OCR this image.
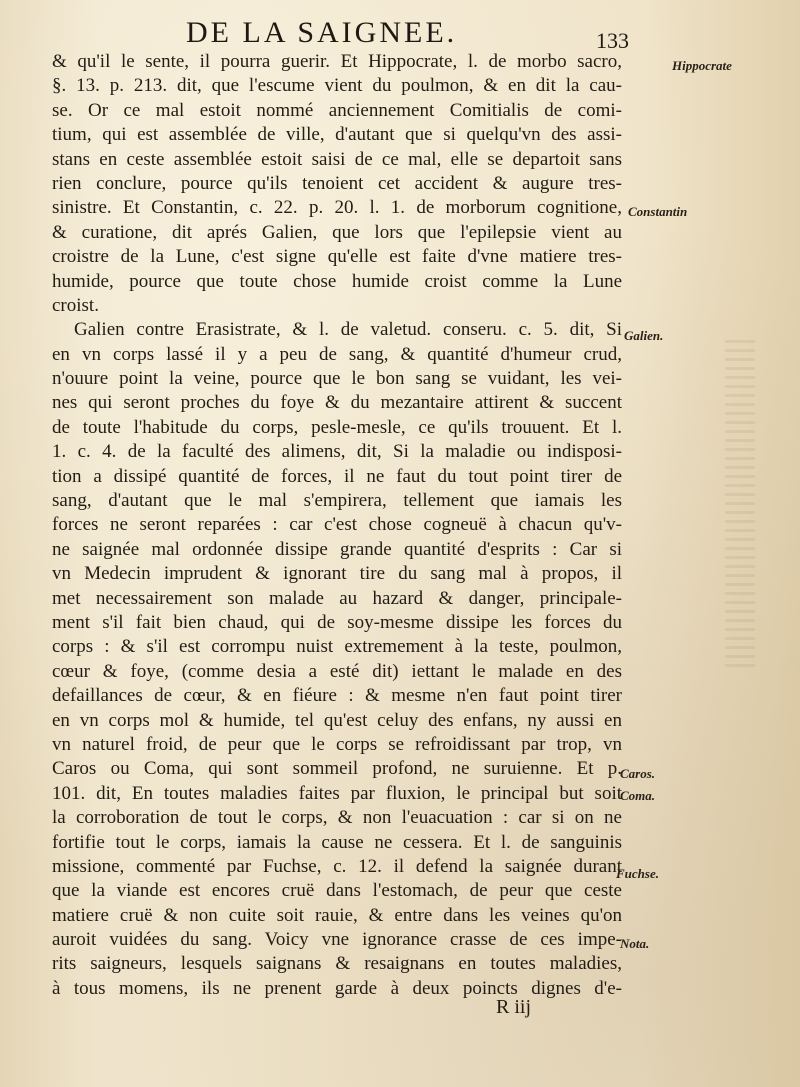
DE LA SAIGNEE.	133
& qu'il le sente, il pourra guerir. Et Hippocrate, l. de morbo sacro,
§. 13. p. 213. dit, que l'escume vient du poulmon, & en dit la cau-
se. Or ce mal estoit nommé anciennement Comitialis de comi-
tium, qui est assemblée de ville, d'autant que si quelqu'vn des assi-
stans en ceste assemblée estoit saisi de ce mal, elle se departoit sans
rien conclure, pource qu'ils tenoient cet accident & augure tres-
sinistre. Et Constantin, c. 22. p. 20. l. 1. de morborum cognitione,
& curatione, dit aprés Galien, que lors que l'epilepsie vient au
croistre de la Lune, c'est signe qu'elle est faite d'vne matiere tres-
humide, pource que toute chose humide croist comme la Lune
croist.
Galien contre Erasistrate, & l. de valetud. conseru. c. 5. dit, Si
en vn corps lassé il y a peu de sang, & quantité d'humeur crud,
n'ouure point la veine, pource que le bon sang se vuidant, les vei-
nes qui seront proches du foye & du mezantaire attirent & succent
de toute l'habitude du corps, pesle-mesle, ce qu'ils trouuent. Et l.
1. c. 4. de la faculté des alimens, dit, Si la maladie ou indisposi-
tion a dissipé quantité de forces, il ne faut du tout point tirer de
sang, d'autant que le mal s'empirera, tellement que iamais les
forces ne seront reparées : car c'est chose cogneuë à chacun qu'v-
ne saignée mal ordonnée dissipe grande quantité d'esprits : Car si
vn Medecin imprudent & ignorant tire du sang mal à propos, il
met necessairement son malade au hazard & danger, principale-
ment s'il fait bien chaud, qui de soy-mesme dissipe les forces du
corps : & s'il est corrompu nuist extremement à la teste, poulmon,
cœur & foye, (comme desia a esté dit) iettant le malade en des
defaillances de cœur, & en fiéure : & mesme n'en faut point tirer
en vn corps mol & humide, tel qu'est celuy des enfans, ny aussi en
vn naturel froid, de peur que le corps se refroidissant par trop, vn
Caros ou Coma, qui sont sommeil profond, ne suruienne. Et p.
101. dit, En toutes maladies faites par fluxion, le principal but soit
la corroboration de tout le corps, & non l'euacuation : car si on ne
fortifie tout le corps, iamais la cause ne cessera. Et l. de sanguinis
missione, commenté par Fuchse, c. 12. il defend la saignée durant
que la viande est encores cruë dans l'estomach, de peur que ceste
matiere cruë & non cuite soit rauie, & entre dans les veines qu'on
auroit vuidées du sang. Voicy vne ignorance crasse de ces impe-
rits saigneurs, lesquels saignans & resaignans en toutes maladies,
à tous momens, ils ne prenent garde à deux poincts dignes d'e-
Hippocrate
Constantin
Galien.
Caros.
Coma.
Fuchse.
Nota.
R iij
